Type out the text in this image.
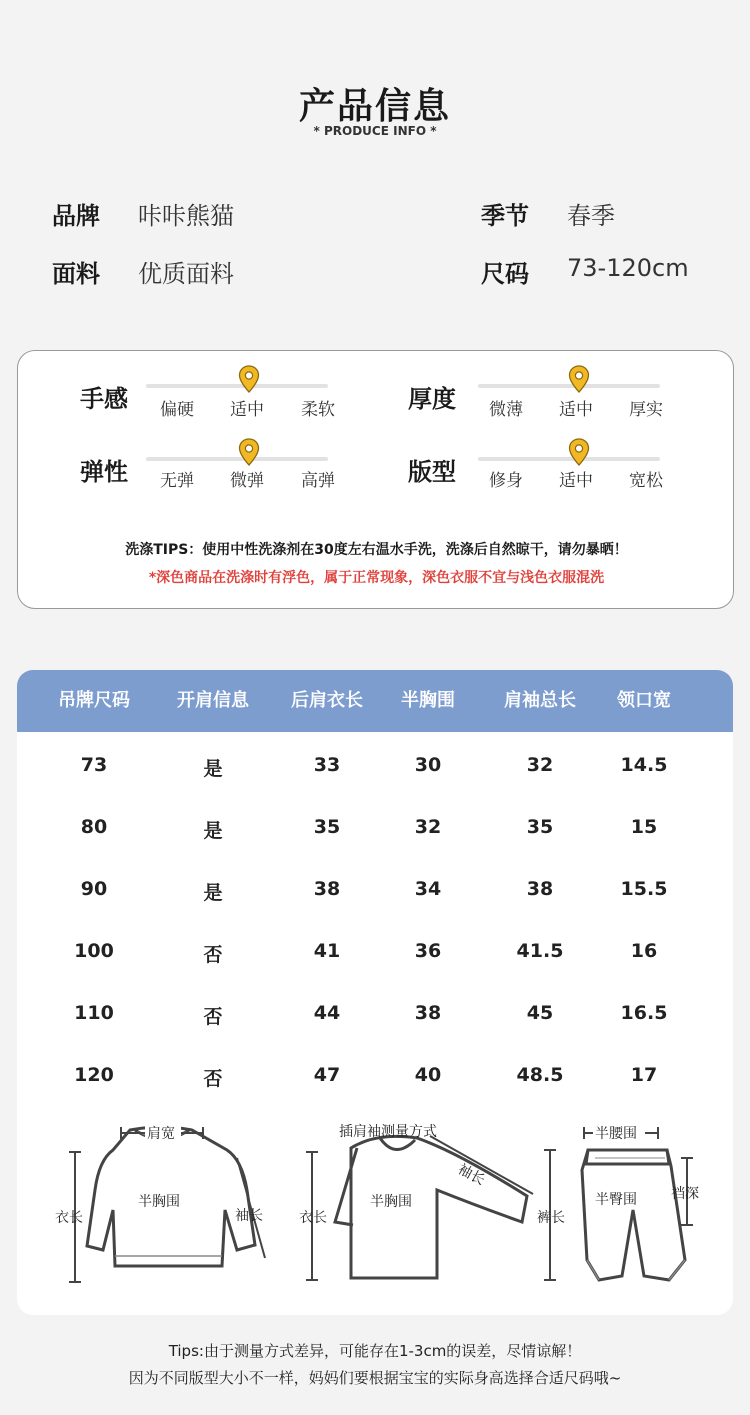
产品信息
* PRODUCE INFO *
品牌 咔咔熊猫	季节 春季
面料 优质面料	尺码 73-120cm
手感 偏硬 适中 柔软	厚度 微薄 适中 厚实
弹性 无弹 微弹 高弹	版型 修身 适中 宽松
洗涤TIPS：使用中性洗涤剂在30度左右温水手洗，洗涤后自然晾干，请勿暴晒！
*深色商品在洗涤时有浮色，属于正常现象，深色衣服不宜与浅色衣服混洗
吊牌尺码	开肩信息	后肩衣长	半胸围	肩袖总长	领口宽
73	是	33	30	32	14.5
80	是	35	32	35	15
90	是	38	34	38	15.5
100	否	41	36	41.5	16
110	否	44	38	45	16.5
120	否	47	40	48.5	17
肩宽
衣长
半胸围
袖长
插肩袖测量方式
衣长
半胸围
袖长
半腰围
裆深
裤长
半臀围
Tips:由于测量方式差异，可能存在1-3cm的误差，尽情谅解！
因为不同版型大小不一样，妈妈们要根据宝宝的实际身高选择合适尺码哦~
